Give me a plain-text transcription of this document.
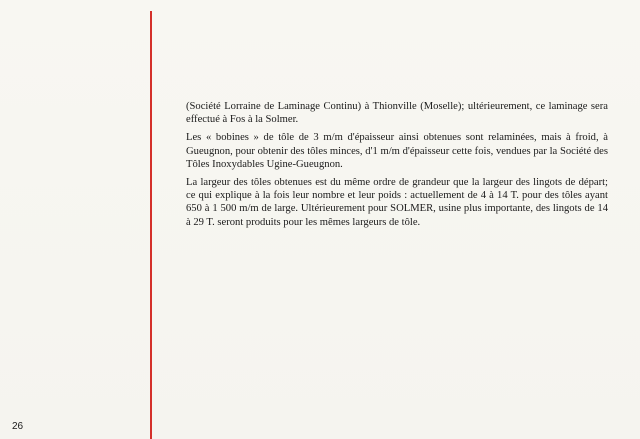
(Société Lorraine de Laminage Continu) à Thionville (Moselle); ultérieurement, ce laminage sera effectué à Fos à la Solmer.

Les « bobines » de tôle de 3 m/m d'épaisseur ainsi obtenues sont relaminées, mais à froid, à Gueugnon, pour obtenir des tôles minces, d'1 m/m d'épaisseur cette fois, vendues par la Société des Tôles Inoxydables Ugine-Gueugnon.

La largeur des tôles obtenues est du même ordre de grandeur que la largeur des lingots de départ; ce qui explique à la fois leur nombre et leur poids : actuellement de 4 à 14 T. pour des tôles ayant 650 à 1 500 m/m de large. Ultérieurement pour SOLMER, usine plus importante, des lingots de 14 à 29 T. seront produits pour les mêmes largeurs de tôle.

26
